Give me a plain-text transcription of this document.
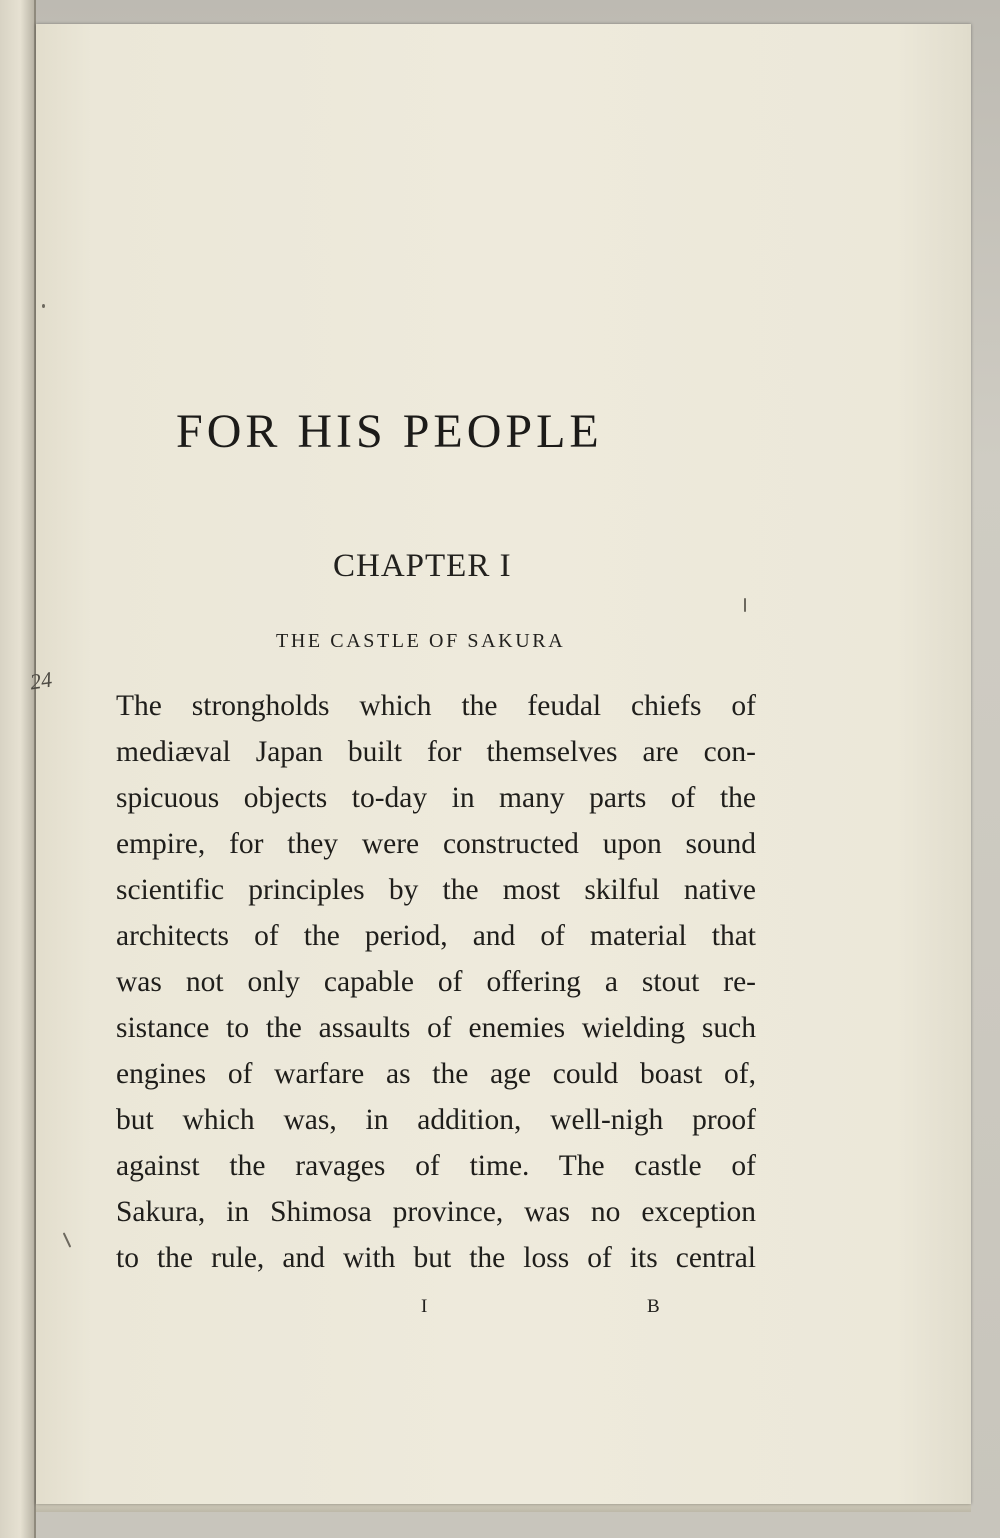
24
FOR HIS PEOPLE
CHAPTER I

THE CASTLE OF SAKURA

The strongholds which the feudal chiefs of
mediæval Japan built for themselves are con-
spicuous objects to-day in many parts of the
empire, for they were constructed upon sound
scientific principles by the most skilful native
architects of the period, and of material that
was not only capable of offering a stout re-
sistance to the assaults of enemies wielding such
engines of warfare as the age could boast of,
but which was, in addition, well-nigh proof
against the ravages of time. The castle of
Sakura, in Shimosa province, was no exception
to the rule, and with but the loss of its central

I	B
